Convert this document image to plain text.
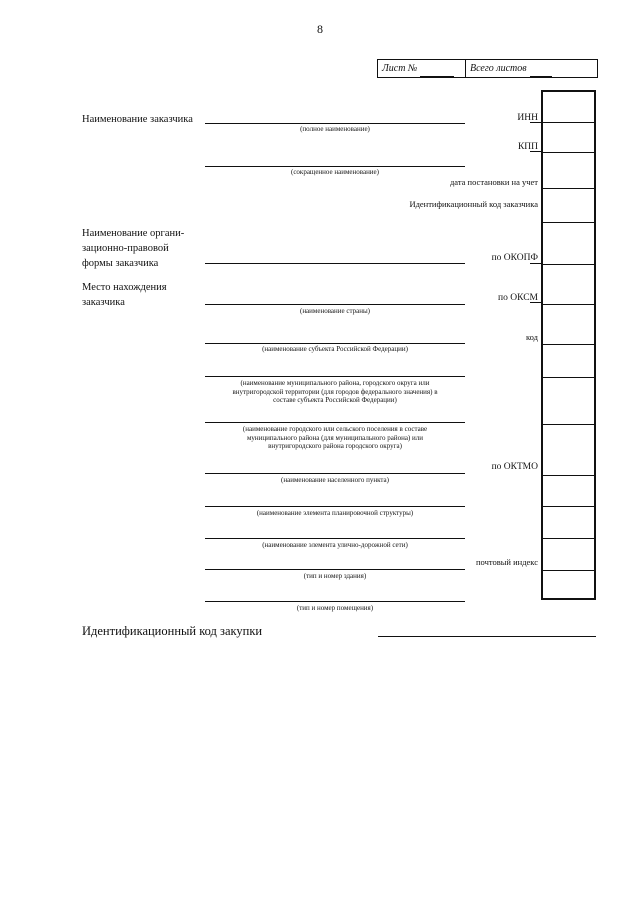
8
Лист №	Всего листов
Наименование заказчика
Наименование органи-
зационно-правовой
формы заказчика
Место нахождения
заказчика
(полное наименование)
(сокращенное наименование)
(наименование страны)
(наименование субъекта Российской Федерации)
(наименование муниципального района, городского округа или
внутригородской территории (для городов федерального значения) в
составе субъекта Российской Федерации)
(наименование городского или сельского поселения в составе
муниципального района (для муниципального района) или
внутригородского района городского округа)
(наименование населенного пункта)
(наименование элемента планировочной структуры)
(наименование элемента улично-дорожной сети)
(тип и номер здания)
(тип и номер помещения)
ИНН
КПП
дата постановки на учет
Идентификационный код заказчика
по ОКОПФ
по ОКСМ
код
по ОКТМО
почтовый индекс
Идентификационный код закупки
